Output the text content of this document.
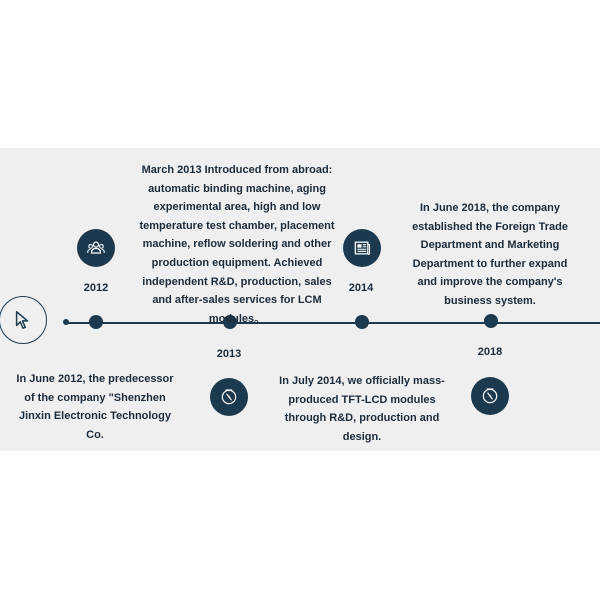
2012
In June 2012, the predecessor
of the company "Shenzhen
Jinxin Electronic Technology
Co.
March 2013 Introduced from abroad:
automatic binding machine, aging
experimental area, high and low
temperature test chamber, placement
machine, reflow soldering and other
production equipment. Achieved
independent R&D, production, sales
and after-sales services for LCM
modules。
2013
2014
In July 2014, we officially mass-
produced TFT-LCD modules
through R&D, production and
design.
In June 2018, the company
established the Foreign Trade
Department and Marketing
Department to further expand
and improve the company's
business system.
2018
